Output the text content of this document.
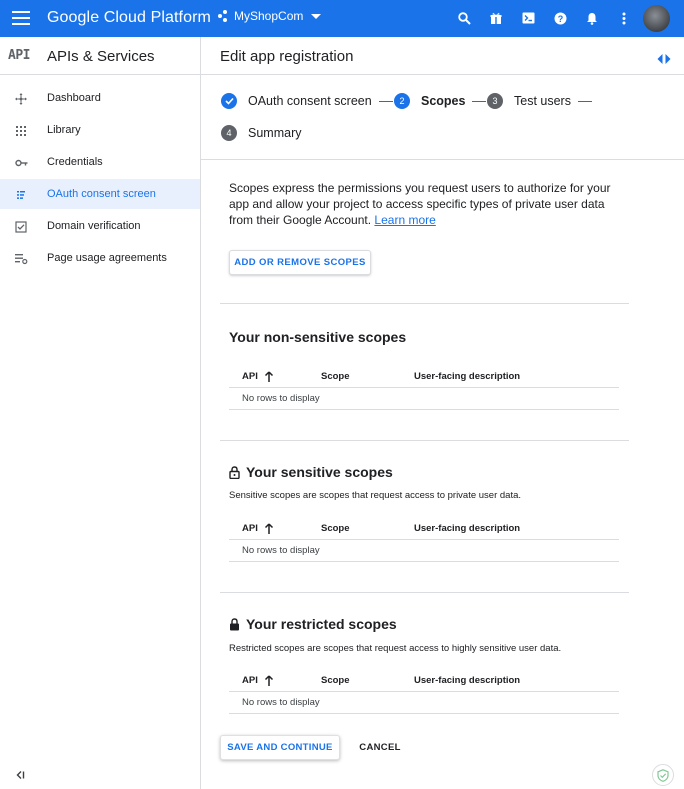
Google Cloud Platform MyShopCom	?
API APIs & Services
Dashboard
Library
Credentials
OAuth consent screen
Domain verification
Page usage agreements
Edit app registration
OAuth consent screen	2	Scopes	3	Test users
4	Summary

Scopes express the permissions you request users to authorize for your app and allow your project to access specific types of private user data from their Google Account. Learn more

ADD OR REMOVE SCOPES
Your non-sensitive scopes
API	Scope	User-facing description
No rows to display
Your sensitive scopes
Sensitive scopes are scopes that request access to private user data.
API	Scope	User-facing description
No rows to display
Your restricted scopes
Restricted scopes are scopes that request access to highly sensitive user data.
API	Scope	User-facing description
No rows to display
SAVE AND CONTINUE	CANCEL
